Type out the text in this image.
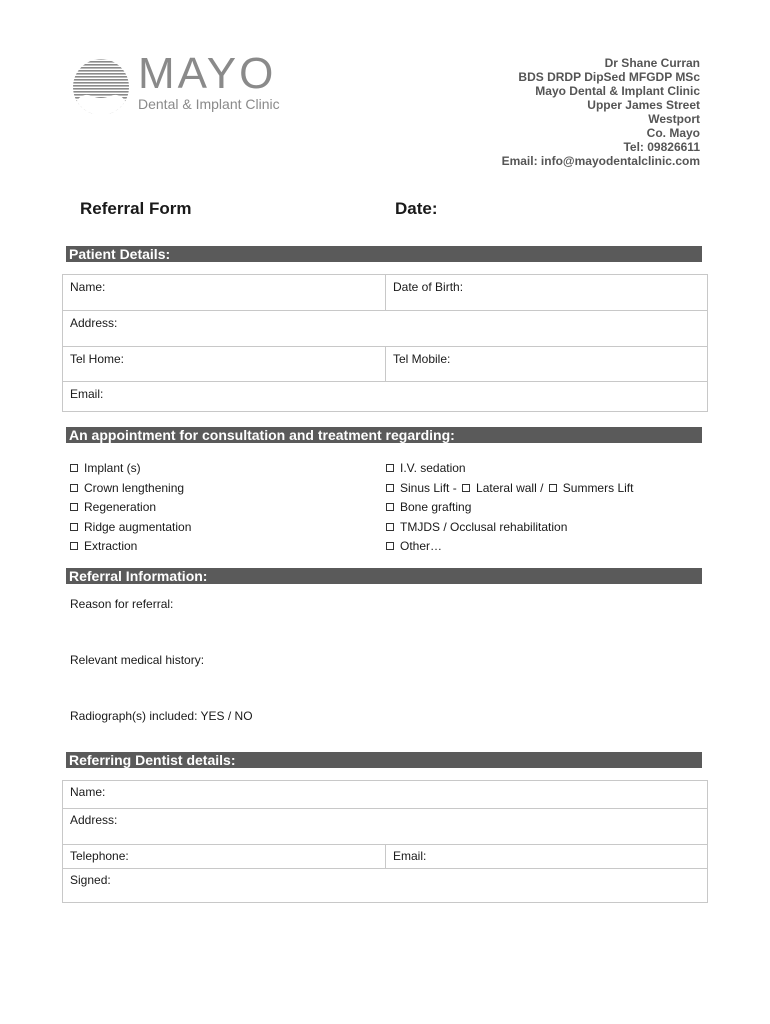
MAYO
Dental & Implant Clinic
Dr Shane Curran
BDS DRDP DipSed MFGDP MSc
Mayo Dental & Implant Clinic
Upper James Street
Westport
Co. Mayo
Tel: 09826611
Email: info@mayodentalclinic.com
Referral Form	Date:
Patient Details:
Name:	Date of Birth:
Address:
Tel Home:	Tel Mobile:
Email:
An appointment for consultation and treatment regarding:
Implant (s)
Crown lengthening
Regeneration
Ridge augmentation
Extraction
I.V. sedation
Sinus Lift - Lateral wall / Summers Lift
Bone grafting
TMJDS / Occlusal rehabilitation
Other…
Referral Information:
Reason for referral:
Relevant medical history:
Radiograph(s) included: YES / NO
Referring Dentist details:
Name:
Address:
Telephone:	Email:
Signed:
